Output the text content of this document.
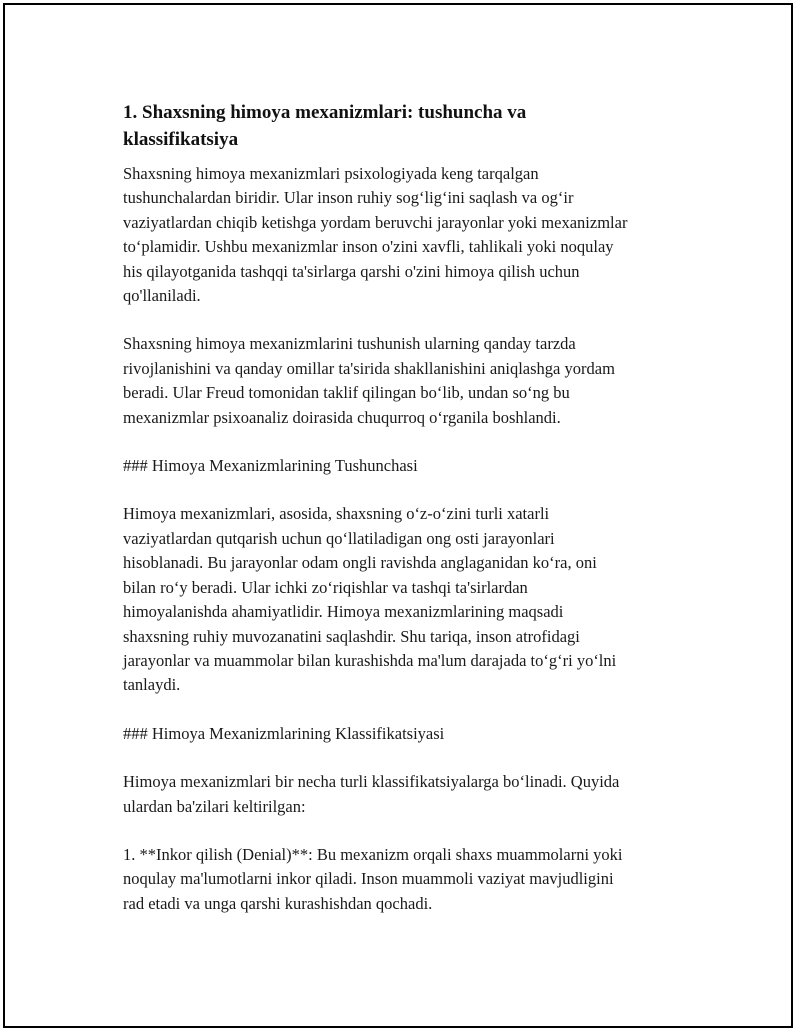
1. Shaxsning himoya mexanizmlari: tushuncha va
klassifikatsiya

Shaxsning himoya mexanizmlari psixologiyada keng tarqalgan
tushunchalardan biridir. Ular inson ruhiy sog‘lig‘ini saqlash va og‘ir
vaziyatlardan chiqib ketishga yordam beruvchi jarayonlar yoki mexanizmlar
to‘plamidir. Ushbu mexanizmlar inson o'zini xavfli, tahlikali yoki noqulay
his qilayotganida tashqqi ta'sirlarga qarshi o'zini himoya qilish uchun
qo'llaniladi.

Shaxsning himoya mexanizmlarini tushunish ularning qanday tarzda
rivojlanishini va qanday omillar ta'sirida shakllanishini aniqlashga yordam
beradi. Ular Freud tomonidan taklif qilingan bo‘lib, undan so‘ng bu
mexanizmlar psixoanaliz doirasida chuqurroq o‘rganila boshlandi.

### Himoya Mexanizmlarining Tushunchasi

Himoya mexanizmlari, asosida, shaxsning o‘z-o‘zini turli xatarli
vaziyatlardan qutqarish uchun qo‘llatiladigan ong osti jarayonlari
hisoblanadi. Bu jarayonlar odam ongli ravishda anglaganidan ko‘ra, oni
bilan ro‘y beradi. Ular ichki zo‘riqishlar va tashqi ta'sirlardan
himoyalanishda ahamiyatlidir. Himoya mexanizmlarining maqsadi
shaxsning ruhiy muvozanatini saqlashdir. Shu tariqa, inson atrofidagi
jarayonlar va muammolar bilan kurashishda ma'lum darajada to‘g‘ri yo‘lni
tanlaydi.

### Himoya Mexanizmlarining Klassifikatsiyasi

Himoya mexanizmlari bir necha turli klassifikatsiyalarga bo‘linadi. Quyida
ulardan ba'zilari keltirilgan:

1. **Inkor qilish (Denial)**: Bu mexanizm orqali shaxs muammolarni yoki
noqulay ma'lumotlarni inkor qiladi. Inson muammoli vaziyat mavjudligini
rad etadi va unga qarshi kurashishdan qochadi.
